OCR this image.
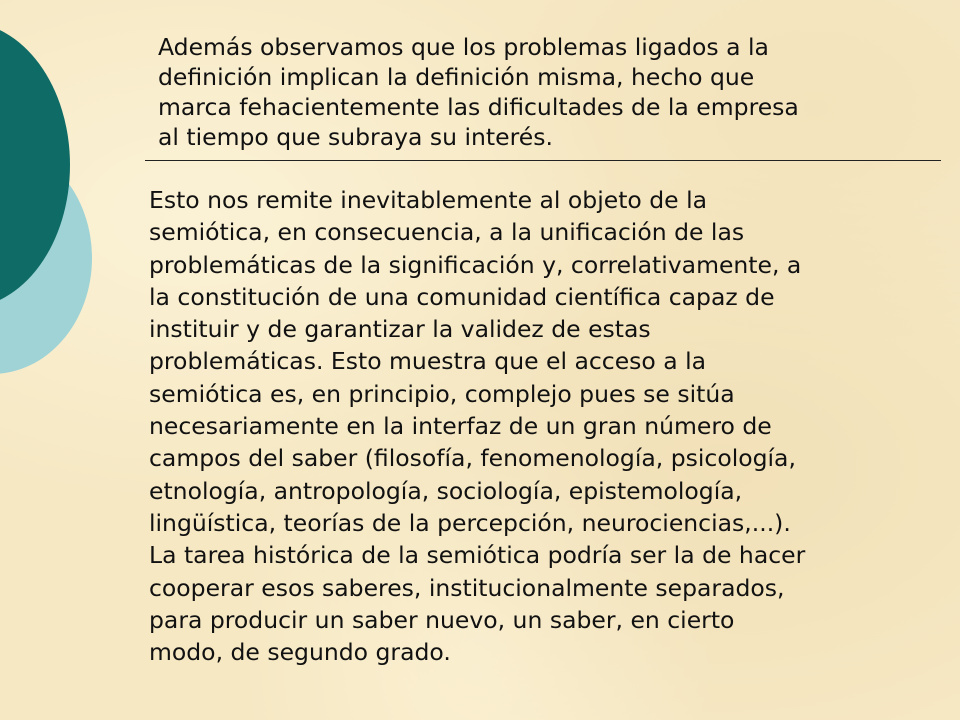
Además observamos que los problemas ligados a la
definición implican la definición misma, hecho que
marca fehacientemente las dificultades de la empresa
al tiempo que subraya su interés.

Esto nos remite inevitablemente al objeto de la
semiótica, en consecuencia, a la unificación de las
problemáticas de la significación y, correlativamente, a
la constitución de una comunidad científica capaz de
instituir y de garantizar la validez de estas
problemáticas. Esto muestra que el acceso a la
semiótica es, en principio, complejo pues se sitúa
necesariamente en la interfaz de un gran número de
campos del saber (filosofía, fenomenología, psicología,
etnología, antropología, sociología, epistemología,
lingüística, teorías de la percepción, neurociencias,...).
La tarea histórica de la semiótica podría ser la de hacer
cooperar esos saberes, institucionalmente separados,
para producir un saber nuevo, un saber, en cierto
modo, de segundo grado.
